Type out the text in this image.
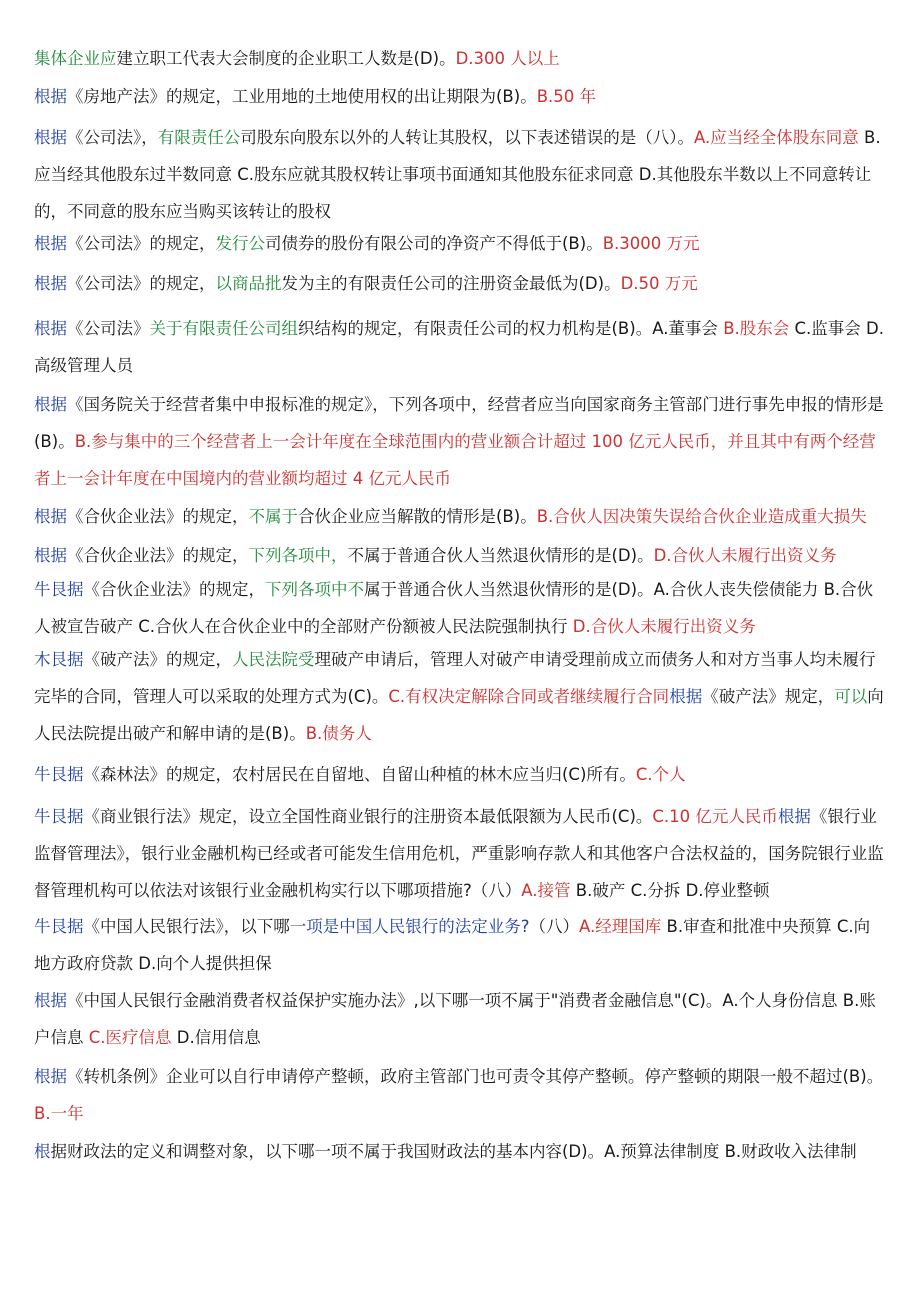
集体企业应建立职工代表大会制度的企业职工人数是(D)。D.300 人以上

根据《房地产法》的规定，工业用地的土地使用权的出让期限为(B)。B.50 年

根据《公司法》，有限责任公司股东向股东以外的人转让其股权，以下表述错误的是（八）。A.应当经全体股东同意 B.应当经其他股东过半数同意 C.股东应就其股权转让事项书面通知其他股东征求同意 D.其他股东半数以上不同意转让的，不同意的股东应当购买该转让的股权

根据《公司法》的规定，发行公司债券的股份有限公司的净资产不得低于(B)。B.3000 万元

根据《公司法》的规定，以商品批发为主的有限责任公司的注册资金最低为(D)。D.50 万元

根据《公司法》关于有限责任公司组织结构的规定，有限责任公司的权力机构是(B)。A.董事会 B.股东会 C.监事会 D.高级管理人员

根据《国务院关于经营者集中申报标准的规定》，下列各项中，经营者应当向国家商务主管部门进行事先申报的情形是(B)。B.参与集中的三个经营者上一会计年度在全球范围内的营业额合计超过 100 亿元人民币，并且其中有两个经营者上一会计年度在中国境内的营业额均超过 4 亿元人民币

根据《合伙企业法》的规定，不属于合伙企业应当解散的情形是(B)。B.合伙人因决策失误给合伙企业造成重大损失

根据《合伙企业法》的规定，下列各项中，不属于普通合伙人当然退伙情形的是(D)。D.合伙人未履行出资义务

牛艮据《合伙企业法》的规定，下列各项中不属于普通合伙人当然退伙情形的是(D)。A.合伙人丧失偿债能力 B.合伙人被宣告破产 C.合伙人在合伙企业中的全部财产份额被人民法院强制执行 D.合伙人未履行出资义务

木艮据《破产法》的规定，人民法院受理破产申请后，管理人对破产申请受理前成立而债务人和对方当事人均未履行完毕的合同，管理人可以采取的处理方式为(C)。C.有权决定解除合同或者继续履行合同根据《破产法》规定，可以向人民法院提出破产和解申请的是(B)。B.债务人

牛艮据《森林法》的规定，农村居民在自留地、自留山种植的林木应当归(C)所有。C.个人

牛艮据《商业银行法》规定，设立全国性商业银行的注册资本最低限额为人民币(C)。C.10 亿元人民币根据《银行业监督管理法》，银行业金融机构已经或者可能发生信用危机，严重影响存款人和其他客户合法权益的，国务院银行业监督管理机构可以依法对该银行业金融机构实行以下哪项措施?（八）A.接管 B.破产 C.分拆 D.停业整顿

牛艮据《中国人民银行法》，以下哪一项是中国人民银行的法定业务?（八）A.经理国库 B.审查和批准中央预算 C.向地方政府贷款 D.向个人提供担保

根据《中国人民银行金融消费者权益保护实施办法》,以下哪一项不属于"消费者金融信息"(C)。A.个人身份信息 B.账户信息 C.医疗信息 D.信用信息

根据《转机条例》企业可以自行申请停产整顿，政府主管部门也可责令其停产整顿。停产整顿的期限一般不超过(B)。B.一年

根据财政法的定义和调整对象，以下哪一项不属于我国财政法的基本内容(D)。A.预算法律制度 B.财政收入法律制
